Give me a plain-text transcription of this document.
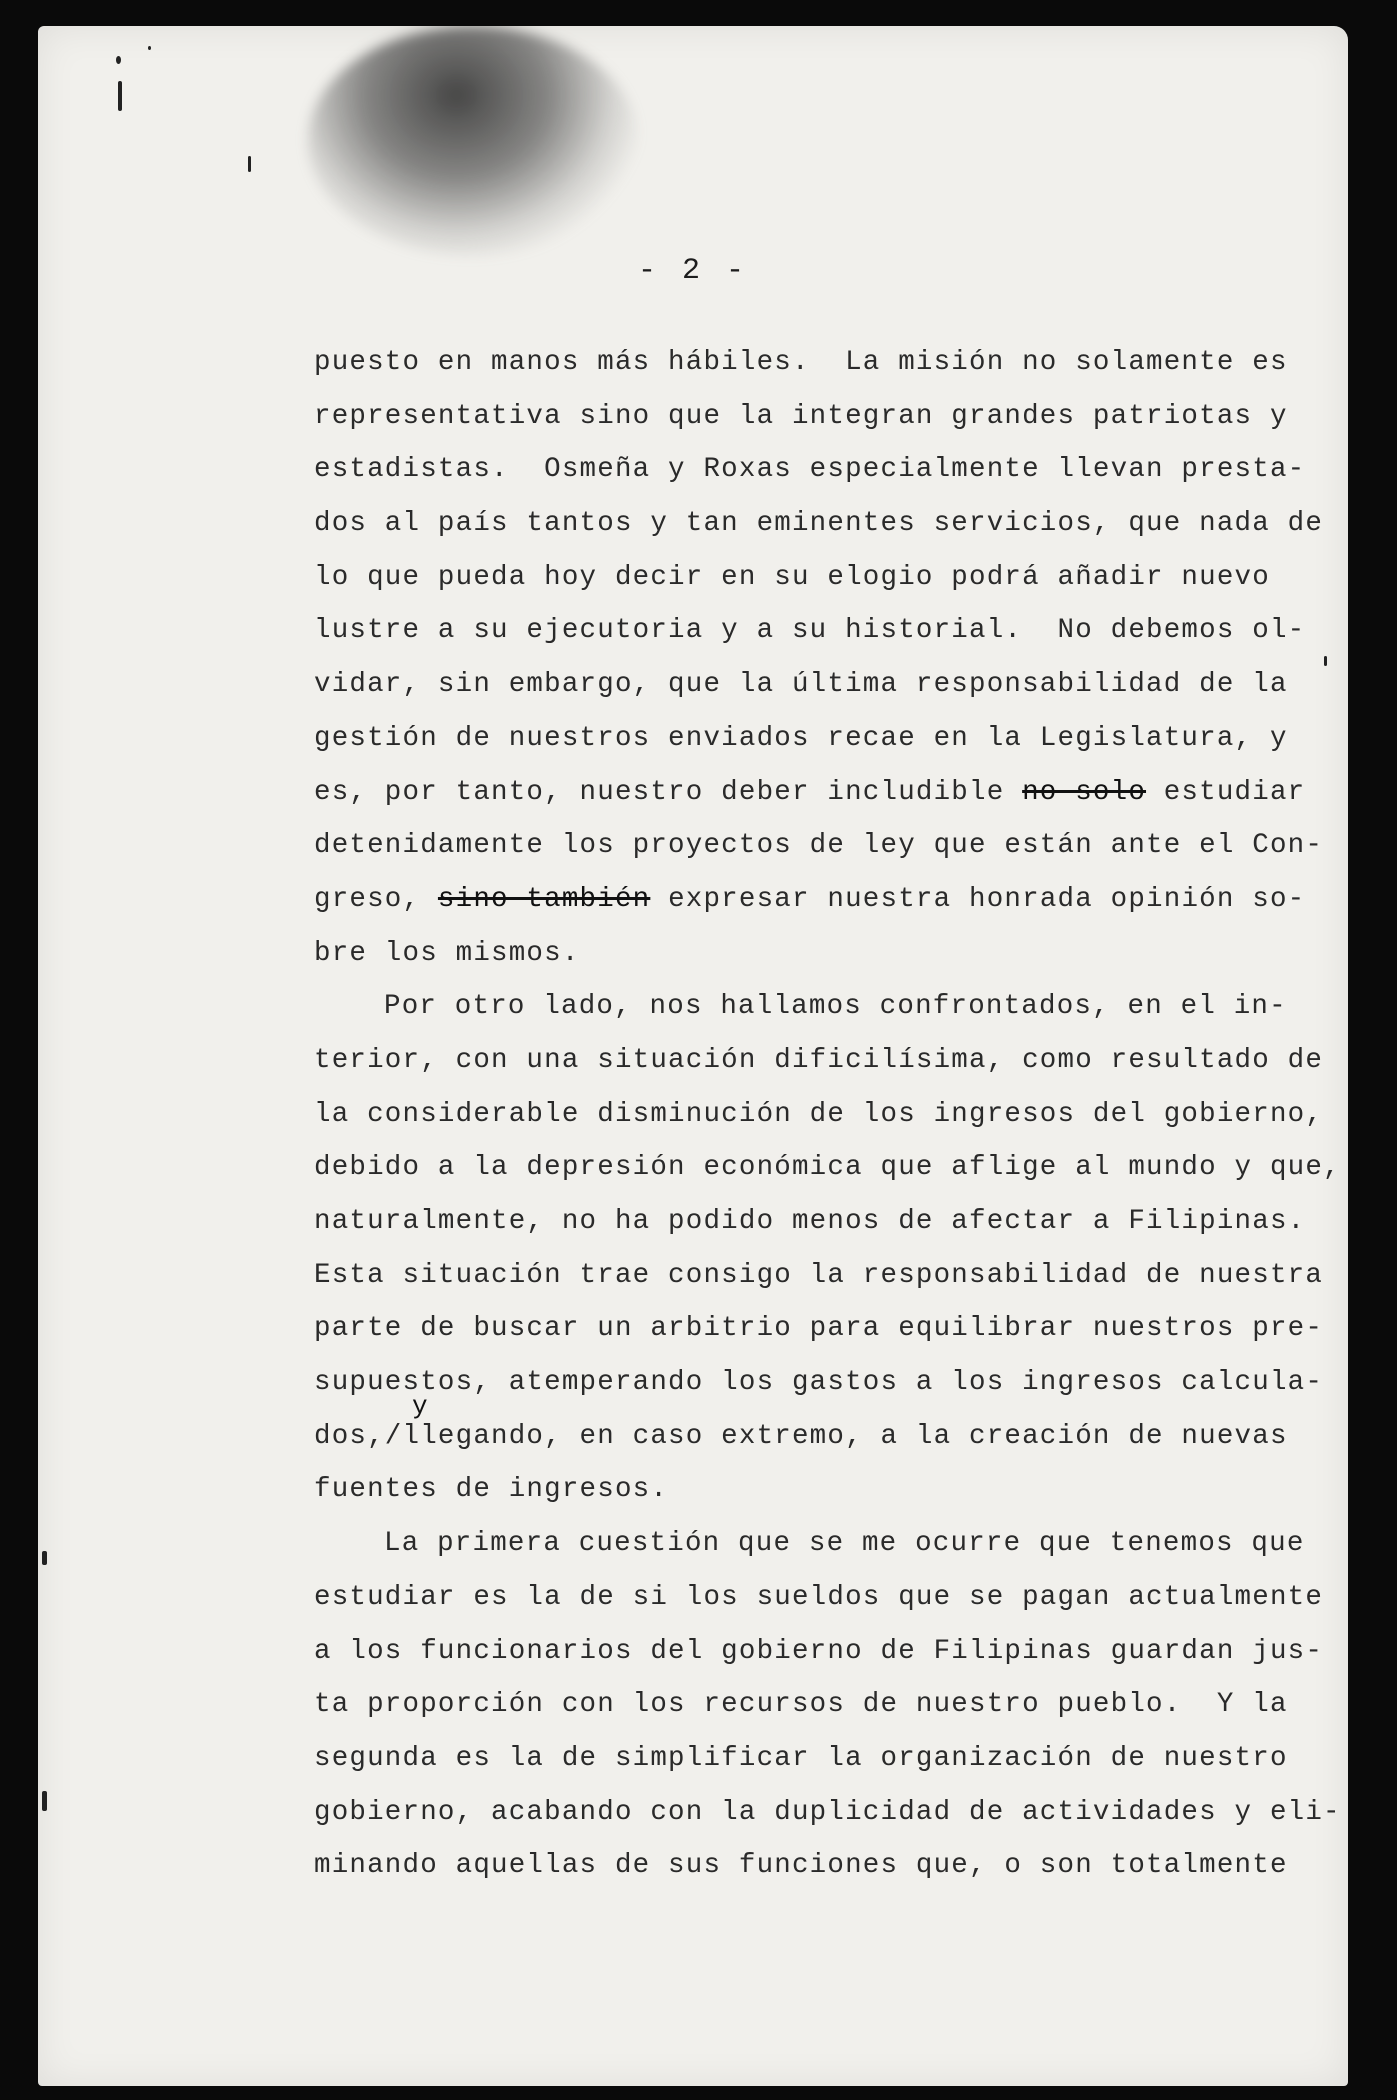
- 2 -
puesto en manos más hábiles.  La misión no solamente es
representativa sino que la integran grandes patriotas y
estadistas.  Osmeña y Roxas especialmente llevan presta-
dos al país tantos y tan eminentes servicios, que nada de
lo que pueda hoy decir en su elogio podrá añadir nuevo
lustre a su ejecutoria y a su historial.  No debemos ol-
vidar, sin embargo, que la última responsabilidad de la
gestión de nuestros enviados recae en la Legislatura, y
es, por tanto, nuestro deber includible no solo estudiar
detenidamente los proyectos de ley que están ante el Con-
greso, sino también expresar nuestra honrada opinión so-
bre los mismos.
Por otro lado, nos hallamos confrontados, en el in-
terior, con una situación dificilísima, como resultado de
la considerable disminución de los ingresos del gobierno,
debido a la depresión económica que aflige al mundo y que,
naturalmente, no ha podido menos de afectar a Filipinas.
Esta situación trae consigo la responsabilidad de nuestra
parte de buscar un arbitrio para equilibrar nuestros pre-
supuestos, atemperando los gastos a los ingresos calcula-
y
dos,/llegando, en caso extremo, a la creación de nuevas
fuentes de ingresos.
La primera cuestión que se me ocurre que tenemos que
estudiar es la de si los sueldos que se pagan actualmente
a los funcionarios del gobierno de Filipinas guardan jus-
ta proporción con los recursos de nuestro pueblo.  Y la
segunda es la de simplificar la organización de nuestro
gobierno, acabando con la duplicidad de actividades y eli-
minando aquellas de sus funciones que, o son totalmente
